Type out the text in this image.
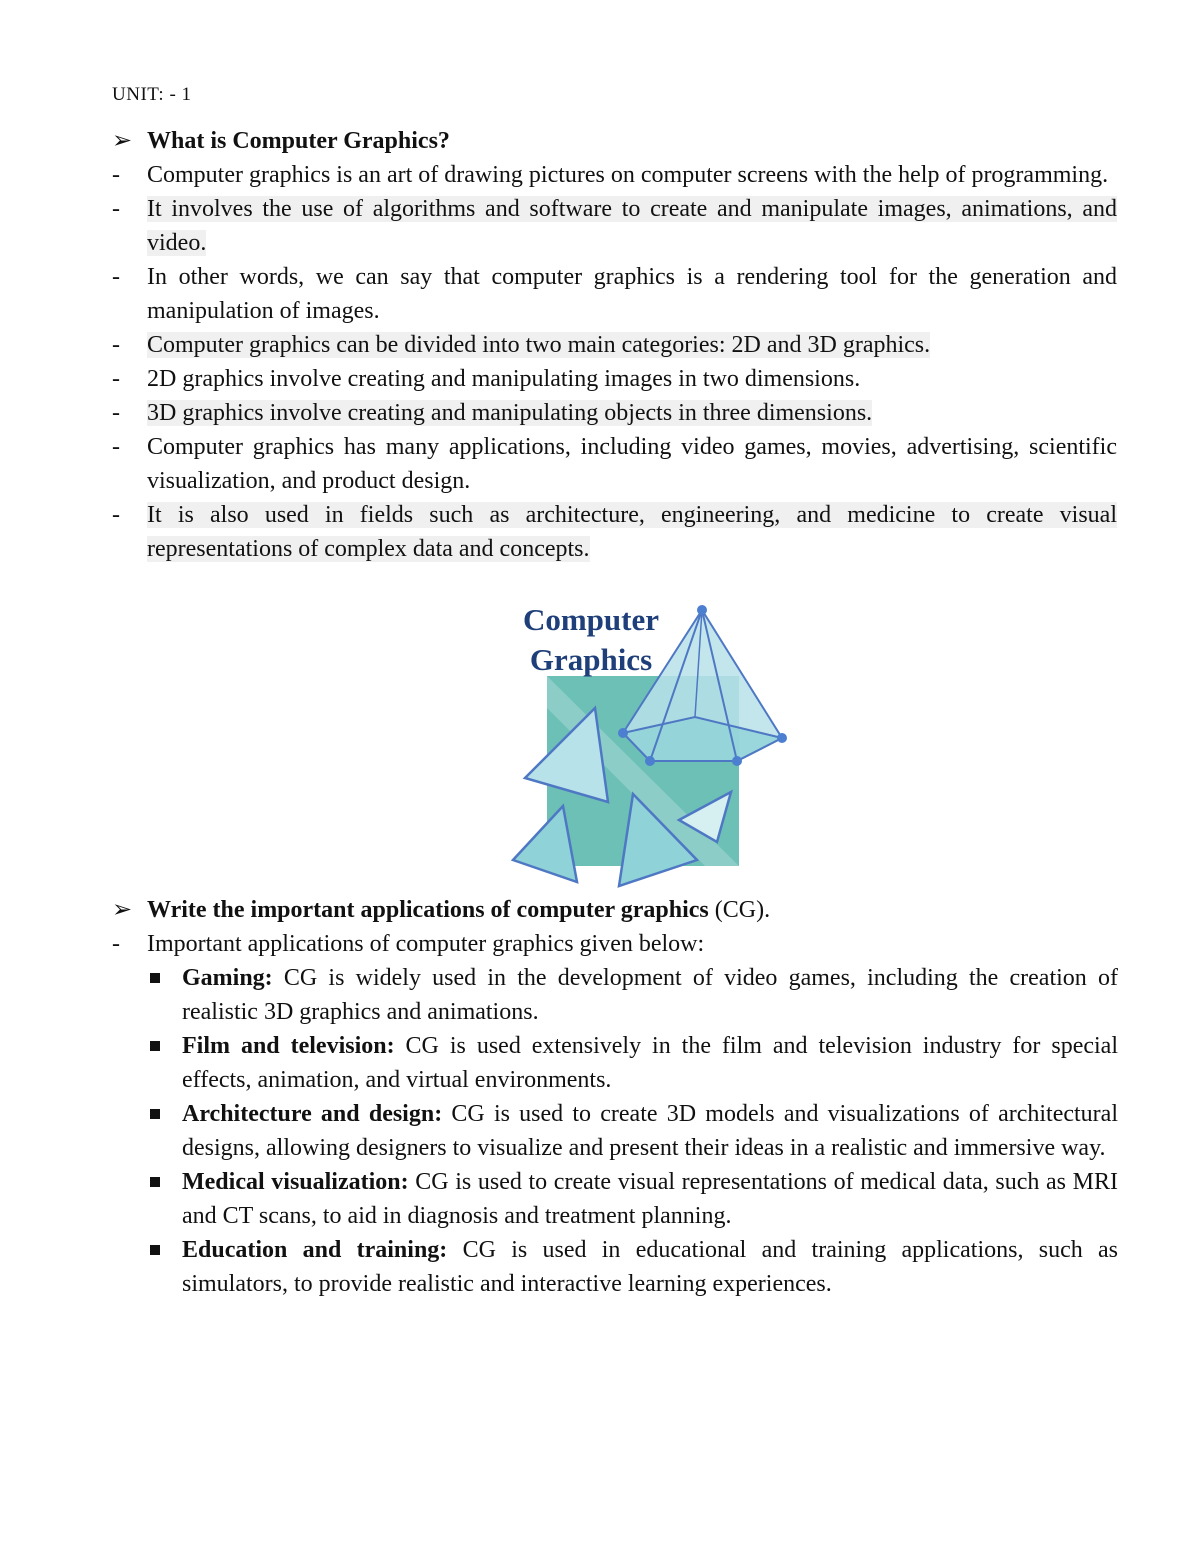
UNIT: - 1
➢ What is Computer Graphics?
- Computer graphics is an art of drawing pictures on computer screens with the help of programming.
- It involves the use of algorithms and software to create and manipulate images, animations, and video.
- In other words, we can say that computer graphics is a rendering tool for the generation and manipulation of images.
- Computer graphics can be divided into two main categories: 2D and 3D graphics.
- 2D graphics involve creating and manipulating images in two dimensions.
- 3D graphics involve creating and manipulating objects in three dimensions.
- Computer graphics has many applications, including video games, movies, advertising, scientific visualization, and product design.
- It is also used in fields such as architecture, engineering, and medicine to create visual representations of complex data and concepts.
Computer
Graphics
➢ Write the important applications of computer graphics (CG).
- Important applications of computer graphics given below:
Gaming: CG is widely used in the development of video games, including the creation of realistic 3D graphics and animations.
Film and television: CG is used extensively in the film and television industry for special effects, animation, and virtual environments.
Architecture and design: CG is used to create 3D models and visualizations of architectural designs, allowing designers to visualize and present their ideas in a realistic and immersive way.
Medical visualization: CG is used to create visual representations of medical data, such as MRI and CT scans, to aid in diagnosis and treatment planning.
Education and training: CG is used in educational and training applications, such as simulators, to provide realistic and interactive learning experiences.
